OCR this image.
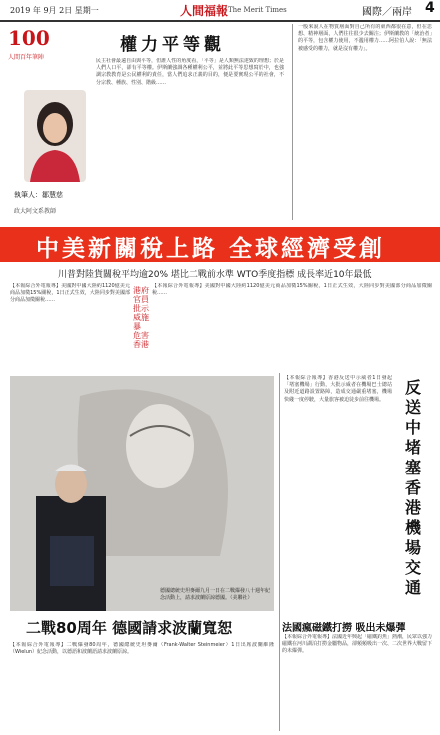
2019 年 9月 2日 星期一	人間福報 The Merit Times	國際／兩岸 4
100
人間百年筆陣
權力平等觀
執筆人：鄒慧慈
政大阿文系教師
民主社會最遠自由與平等，但誰人性的角度看，「平等」是人類無法達致的理想；於是人們人口平，卻有平等權。伊斯蘭強調各種權利公平，並將此平等思想寫於中，也強調宗教教育是公民權利的責任，當人們追求正義的目的，便是要實現公平的社會，不分宗教、種族、性別、階級……
一般來說人在物質層面對自己所有的東西都很在意，但在思想、精神層面，人們往往很少去關注；伊斯蘭教的「統治者」的平等，包含權力使用，不濫用權力……阿拉伯人說：「無法被感受的權力，就是沒有權力」。
中美新關稅上路 全球經濟受創
川普對陸貨關稅平均逾20% 堪比二戰前水準 WTO季度指標 成長率近10年最低
【本報綜合外電報導】美國對中國大陸約1120億美元商品加徵15%關稅，1日正式生效，大陸同步對美國部分商品加徵關稅……
港府官員批示威施暴 危害香港
【本報綜合外電報導】美國對中國大陸約1120億美元商品加徵15%關稅，1日正式生效，大陸同步對美國部分商品加徵關稅……
德國總統史坦麥爾九月一日在二戰爆發八十週年紀念活動上，請求波蘭原諒德國。（美聯社）
二戰80周年 德國請求波蘭寬恕
【本報綜合外電報導】二戰爆發80周年，德國總統史坦麥爾（Frank-Walter Steinmeier）1日出席波蘭維隆（Wielun）紀念活動，以德語和波蘭語請求波蘭原諒。
【本報綜合報導】香港反送中示威者1日發起「堵塞機場」行動，大批示威者在機場巴士總站及附近道路設置路障，造成交通嚴重堵塞，機場快綫一度停駛，大量旅客被迫徒步前往機場。
反送中 堵塞香港機場交通
法國瘋磁鐵打撈 吸出未爆彈
【本報綜合外電報導】法國近年興起「磁鐵釣魚」熱潮，民眾以強力磁鐵在河川湖泊打撈金屬物品，卻頻頻吸出一次、二次世界大戰留下的未爆彈。
